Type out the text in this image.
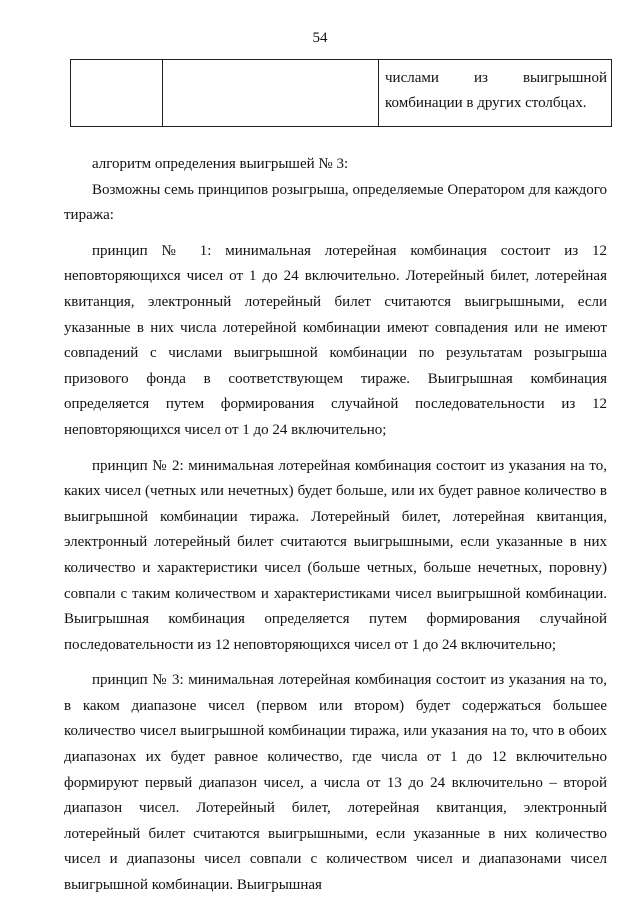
54

числами из выигрышной
комбинации в других столбцах.

алгоритм определения выигрышей № 3:

Возможны семь принципов розыгрыша, определяемые Оператором для каждого тиража:

принцип № 1: минимальная лотерейная комбинация состоит из 12 неповторяющихся чисел от 1 до 24 включительно. Лотерейный билет, лотерейная квитанция, электронный лотерейный билет считаются выигрышными, если указанные в них числа лотерейной комбинации имеют совпадения или не имеют совпадений с числами выигрышной комбинации по результатам розыгрыша призового фонда в соответствующем тираже. Выигрышная комбинация определяется путем формирования случайной последовательности из 12 неповторяющихся чисел от 1 до 24 включительно;

принцип № 2: минимальная лотерейная комбинация состоит из указания на то, каких чисел (четных или нечетных) будет больше, или их будет равное количество в выигрышной комбинации тиража. Лотерейный билет, лотерейная квитанция, электронный лотерейный билет считаются выигрышными, если указанные в них количество и характеристики чисел (больше четных, больше нечетных, поровну) совпали с таким количеством и характеристиками чисел выигрышной комбинации. Выигрышная комбинация определяется путем формирования случайной последовательности из 12 неповторяющихся чисел от 1 до 24 включительно;

принцип № 3: минимальная лотерейная комбинация состоит из указания на то, в каком диапазоне чисел (первом или втором) будет содержаться большее количество чисел выигрышной комбинации тиража, или указания на то, что в обоих диапазонах их будет равное количество, где числа от 1 до 12 включительно формируют первый диапазон чисел, а числа от 13 до 24 включительно – второй диапазон чисел. Лотерейный билет, лотерейная квитанция, электронный лотерейный билет считаются выигрышными, если указанные в них количество чисел и диапазоны чисел совпали с количеством чисел и диапазонами чисел выигрышной комбинации. Выигрышная
